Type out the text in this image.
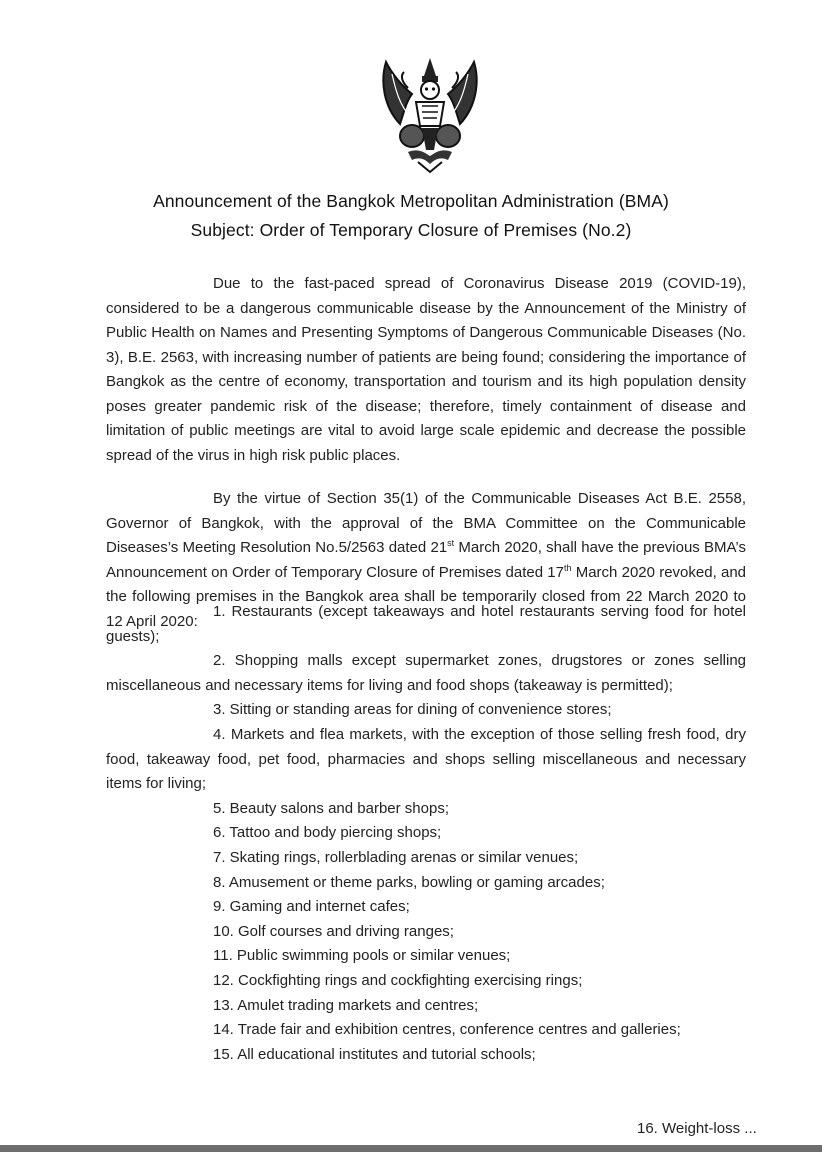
Announcement of the Bangkok Metropolitan Administration (BMA)
Subject: Order of Temporary Closure of Premises (No.2)

Due to the fast-paced spread of Coronavirus Disease 2019 (COVID-19), considered to be a dangerous communicable disease by the Announcement of the Ministry of Public Health on Names and Presenting Symptoms of Dangerous Communicable Diseases (No. 3), B.E. 2563, with increasing number of patients are being found; considering the importance of Bangkok as the centre of economy, transportation and tourism and its high population density poses greater pandemic risk of the disease; therefore, timely containment of disease and limitation of public meetings are vital to avoid large scale epidemic and decrease the possible spread of the virus in high risk public places.

By the virtue of Section 35(1) of the Communicable Diseases Act B.E. 2558, Governor of Bangkok, with the approval of the BMA Committee on the Communicable Diseases’s Meeting Resolution No.5/2563 dated 21st March 2020, shall have the previous BMA’s Announcement on Order of Temporary Closure of Premises dated 17th March 2020 revoked, and the following premises in the Bangkok area shall be temporarily closed from 22 March 2020 to 12 April 2020:

1. Restaurants (except takeaways and hotel restaurants serving food for hotel guests);

2. Shopping malls except supermarket zones, drugstores or zones selling miscellaneous and necessary items for living and food shops (takeaway is permitted);

3. Sitting or standing areas for dining of convenience stores;

4. Markets and flea markets, with the exception of those selling fresh food, dry food, takeaway food, pet food, pharmacies and shops selling miscellaneous and necessary items for living;

5. Beauty salons and barber shops;

6. Tattoo and body piercing shops;

7. Skating rings, rollerblading arenas or similar venues;

8. Amusement or theme parks, bowling or gaming arcades;

9. Gaming and internet cafes;

10. Golf courses and driving ranges;

11. Public swimming pools or similar venues;

12. Cockfighting rings and cockfighting exercising rings;

13. Amulet trading markets and centres;

14. Trade fair and exhibition centres, conference centres and galleries;

15. All educational institutes and tutorial schools;

16. Weight-loss ...
